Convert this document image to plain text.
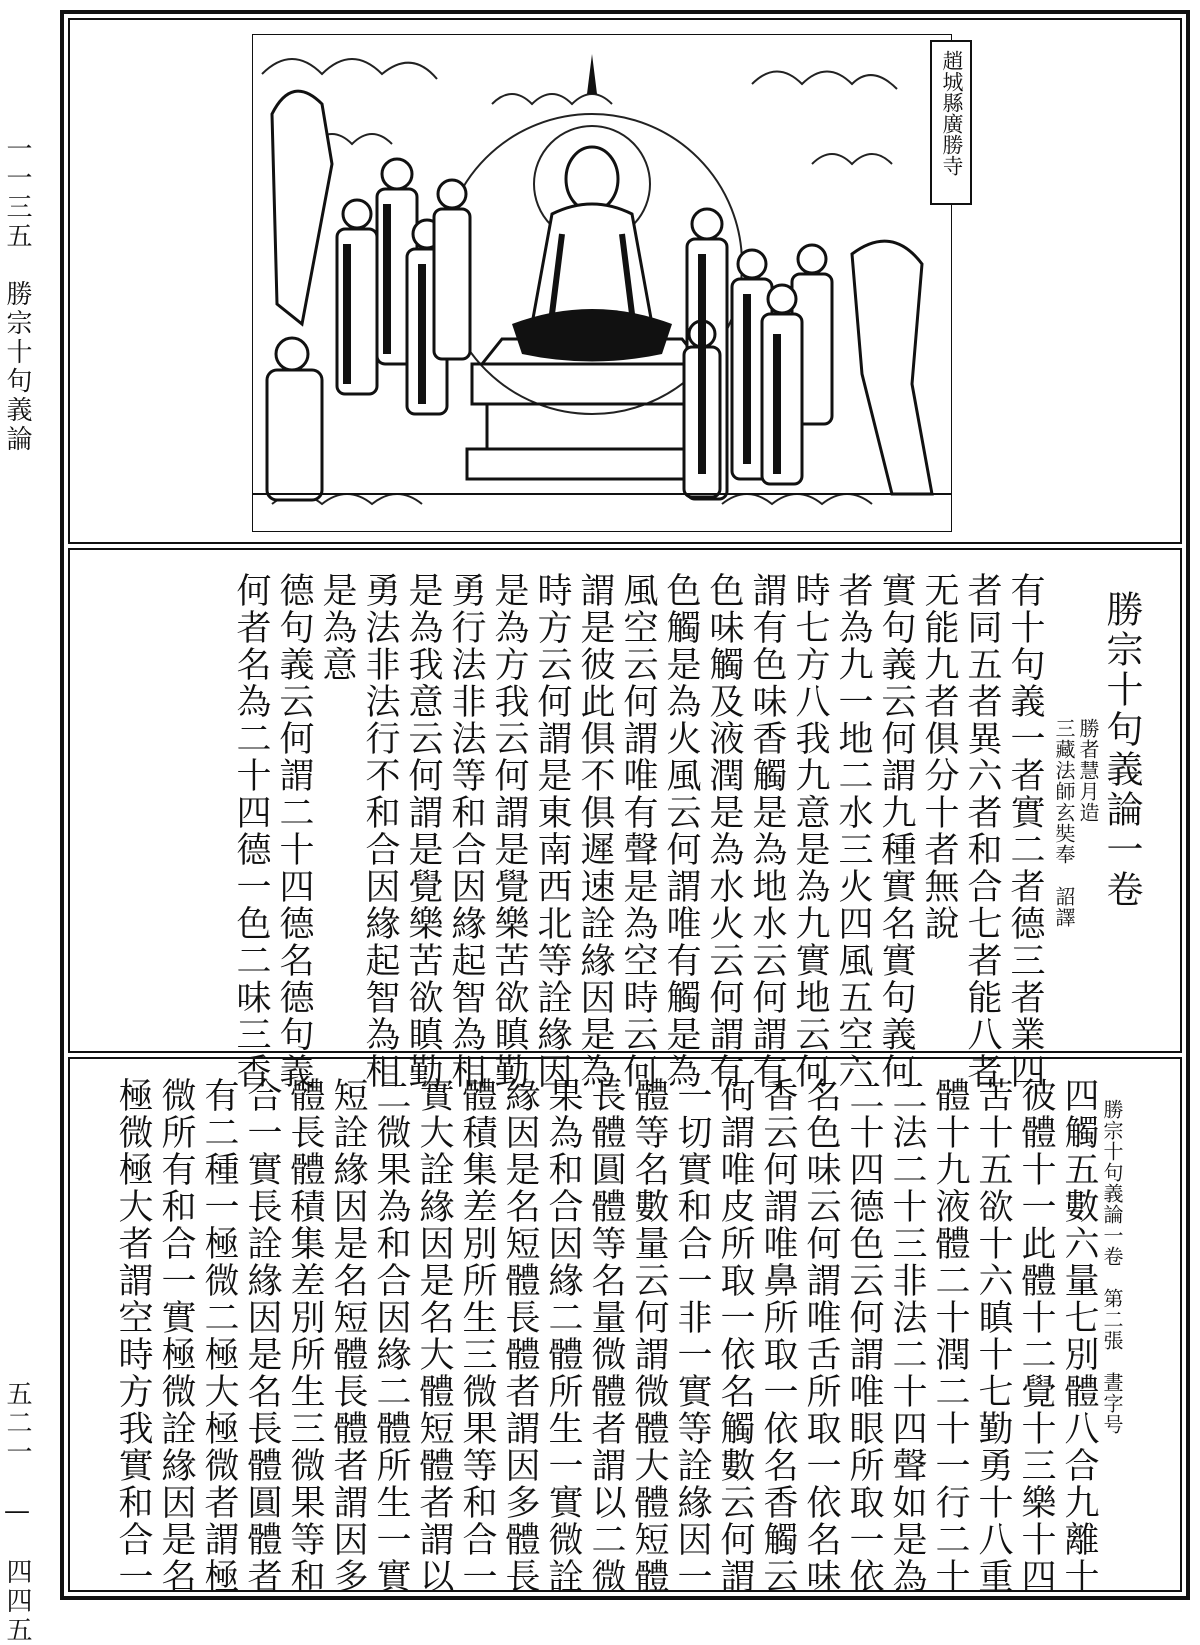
一一三五　勝宗十句義論
五二一　—　四四五
趙城縣廣勝寺
勝宗十句義論一卷
勝者慧月造
三藏法師玄奘奉　詔譯
有十句義一者實二者德三者業四
者同五者異六者和合七者能八者
无能九者俱分十者無說
實句義云何謂九種實名實句義何
者為九一地二水三火四風五空六
時七方八我九意是為九實地云何
謂有色味香觸是為地水云何謂有
色味觸及液潤是為水火云何謂有
色觸是為火風云何謂唯有觸是為
風空云何謂唯有聲是為空時云何
謂是彼此俱不俱遲速詮緣因是為
時方云何謂是東南西北等詮緣因
是為方我云何謂是覺樂苦欲瞋勤
勇行法非法等和合因緣起智為相
是為我意云何謂是覺樂苦欲瞋勤
勇法非法行不和合因緣起智為相
是為意
德句義云何謂二十四德名德句義
何者名為二十四德一色二味三香
勝宗十句義論一卷　第二張　晝字号
四觸五數六量七別體八合九離十
彼體十一此體十二覺十三樂十四
苦十五欲十六瞋十七勤勇十八重
體十九液體二十潤二十一行二十
二法二十三非法二十四聲如是為
二十四德色云何謂唯眼所取一依
名色味云何謂唯舌所取一依名味
香云何謂唯鼻所取一依名香觸云
何謂唯皮所取一依名觸數云何謂
一切實和合一非一實等詮緣因一
體等名數量云何謂微體大體短體
長體圓體等名量微體者謂以二微
果為和合因緣二體所生一實微詮
緣因是名短體長體者謂因多體長
體積集差別所生三微果等和合一
實大詮緣因是名大體短體者謂以
二微果為和合因緣二體所生一實
短詮緣因是名短體長體者謂因多
體長體積集差別所生三微果等和
合一實長詮緣因是名長體圓體者
有二種一極微二極大極微者謂極
微所有和合一實極微詮緣因是名
極微極大者謂空時方我實和合一
